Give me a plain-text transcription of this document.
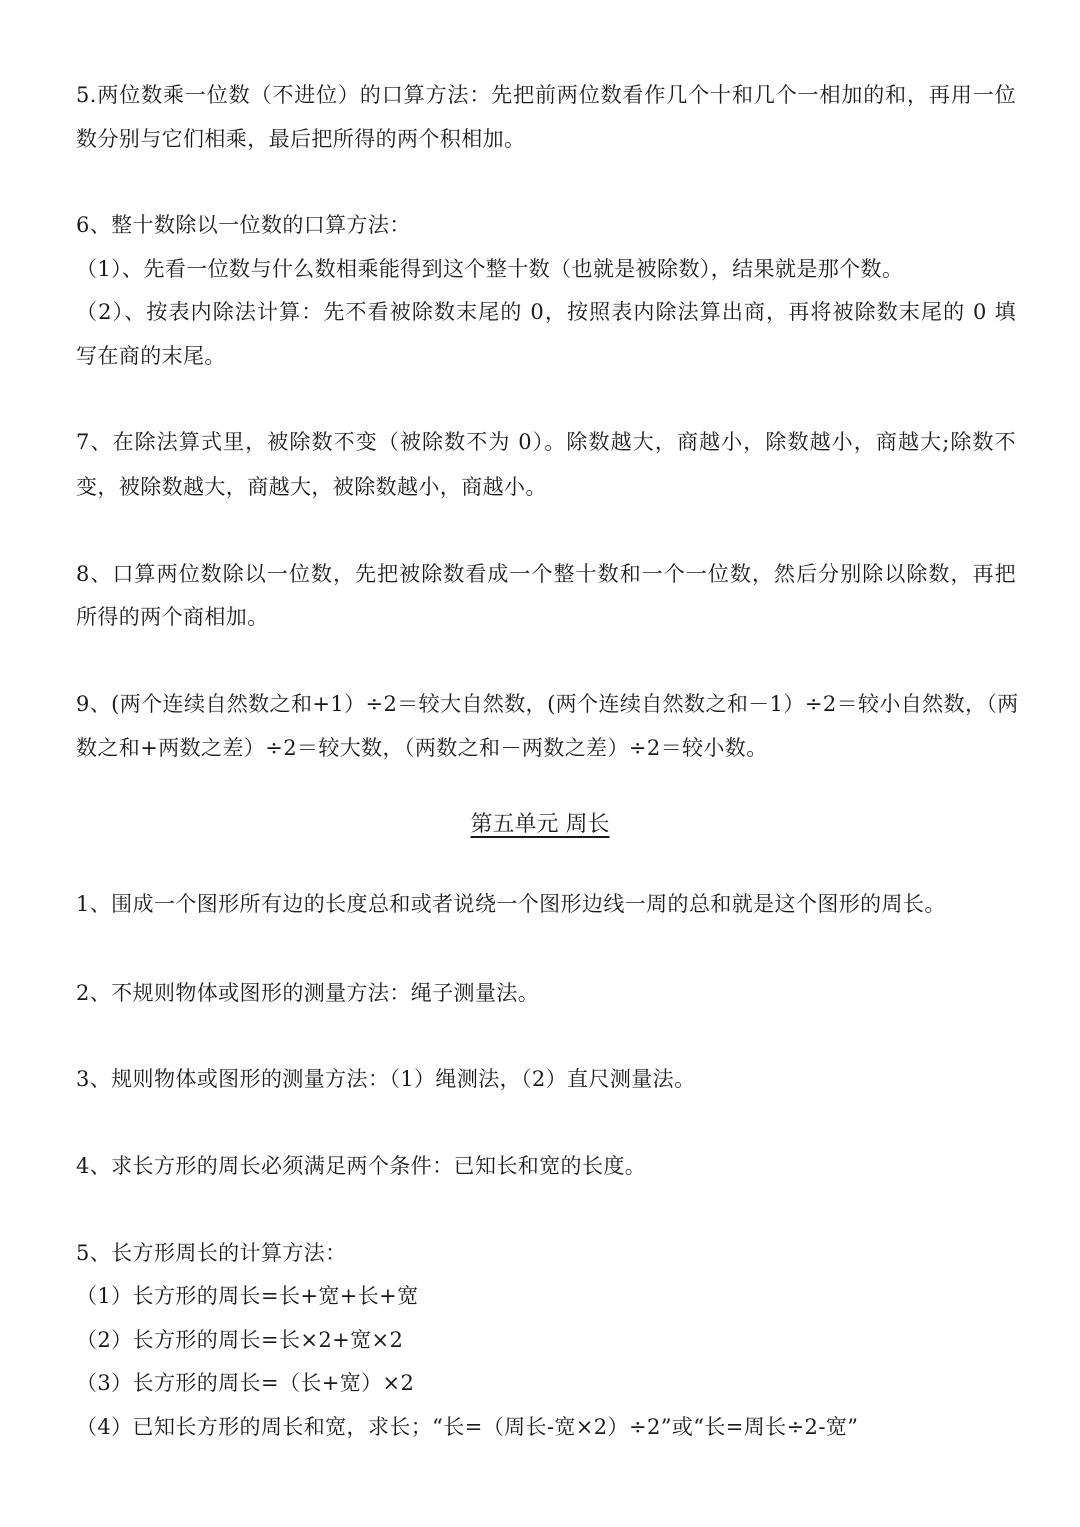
5.两位数乘一位数（不进位）的口算方法：先把前两位数看作几个十和几个一相加的和，再用一位
数分别与它们相乘，最后把所得的两个积相加。
6、整十数除以一位数的口算方法：
（1）、先看一位数与什么数相乘能得到这个整十数（也就是被除数），结果就是那个数。
（2）、按表内除法计算：先不看被除数末尾的 0，按照表内除法算出商，再将被除数末尾的 0 填
写在商的末尾。
7、在除法算式里，被除数不变（被除数不为 0）。除数越大，商越小，除数越小，商越大;除数不
变，被除数越大，商越大，被除数越小，商越小。
8、口算两位数除以一位数，先把被除数看成一个整十数和一个一位数，然后分别除以除数，再把
所得的两个商相加。
9、(两个连续自然数之和+1）÷2＝较大自然数，(两个连续自然数之和－1）÷2＝较小自然数，（两
数之和+两数之差）÷2＝较大数，（两数之和－两数之差）÷2＝较小数。
第五单元 周长
1、围成一个图形所有边的长度总和或者说绕一个图形边线一周的总和就是这个图形的周长。
2、不规则物体或图形的测量方法：绳子测量法。
3、规则物体或图形的测量方法：（1）绳测法，（2）直尺测量法。
4、求长方形的周长必须满足两个条件：已知长和宽的长度。
5、长方形周长的计算方法：
（1）长方形的周长=长+宽+长+宽
（2）长方形的周长=长×2+宽×2
（3）长方形的周长=（长+宽）×2
（4）已知长方形的周长和宽，求长；“长=（周长-宽×2）÷2”或“长=周长÷2-宽”
